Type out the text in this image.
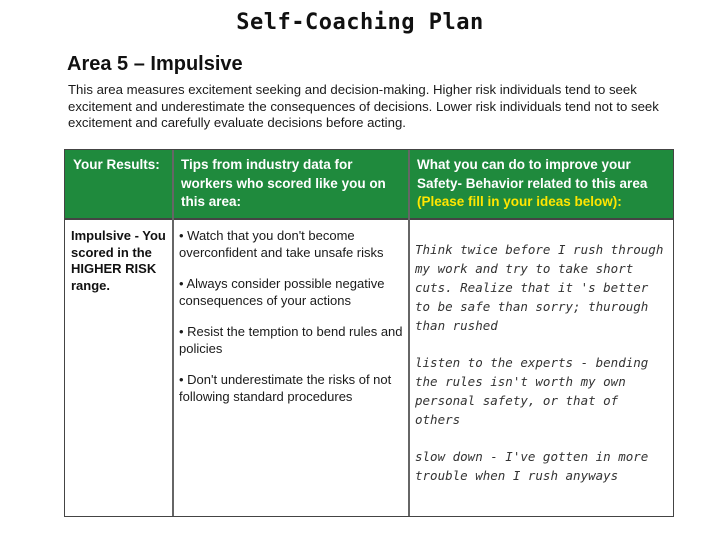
Self-Coaching Plan
Area 5 – Impulsive
This area measures excitement seeking and decision-making. Higher risk individuals tend to seek excitement and underestimate the consequences of decisions. Lower risk individuals tend not to seek excitement and carefully evaluate decisions before acting.
Your Results:	Tips from industry data for workers who scored like you on this area:
What you can do to improve your Safety- Behavior related to this area
(Please fill in your ideas below):
Impulsive - You scored in the HIGHER RISK range.

• Watch that you don't become overconfident and take unsafe risks

• Always consider possible negative consequences of your actions

• Resist the temption to bend rules and policies

• Don't underestimate the risks of not following standard procedures

Think twice before I rush through my work and try to take short cuts. Realize that it 's better to be safe than sorry; thurough than rushed
listen to the experts - bending the rules isn't worth my own personal safety, or that of others
slow down - I've gotten in more trouble when I rush anyways
